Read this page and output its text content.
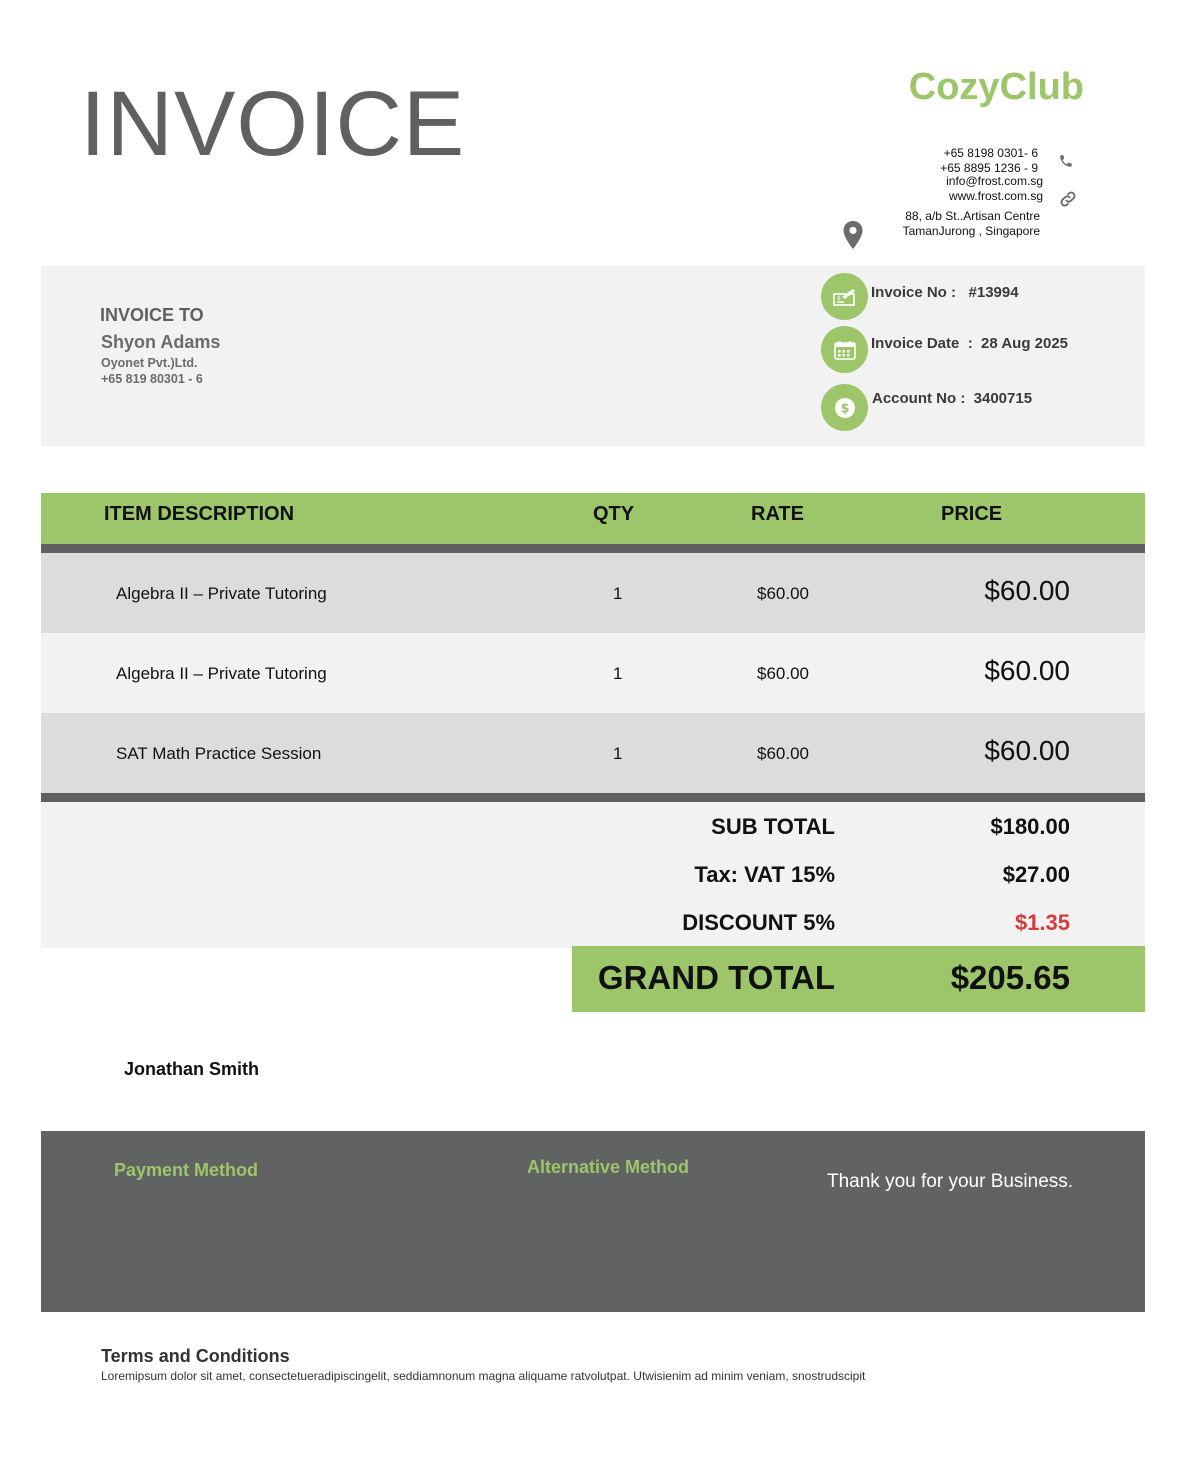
INVOICE	CozyClub
+65 8198 0301- 6
+65 8895 1236 - 9
info@frost.com.sg
www.frost.com.sg
88, a/b St..Artisan Centre
TamanJurong , Singapore
INVOICE TO
Shyon Adams
Oyonet Pvt.)Ltd.
+65 819 80301 - 6
$
$
Invoice No :   #13994
Invoice Date  :  28 Aug 2025
Account No :  3400715
ITEM DESCRIPTION	QTY	RATE	PRICE
Algebra II – Private Tutoring	1	$60.00	$60.00
Algebra II – Private Tutoring	1	$60.00	$60.00
SAT Math Practice Session	1	$60.00	$60.00
SUB TOTAL	$180.00
Tax: VAT 15%	$27.00
DISCOUNT 5%	$1.35
GRAND TOTAL	$205.65
Jonathan Smith
Payment Method	Alternative Method
Thank you for your Business.
Terms and Conditions
Loremipsum dolor sit amet, consectetueradipiscingelit, seddiamnonum magna aliquame ratvolutpat. Utwisienim ad minim veniam, snostrudscipit
